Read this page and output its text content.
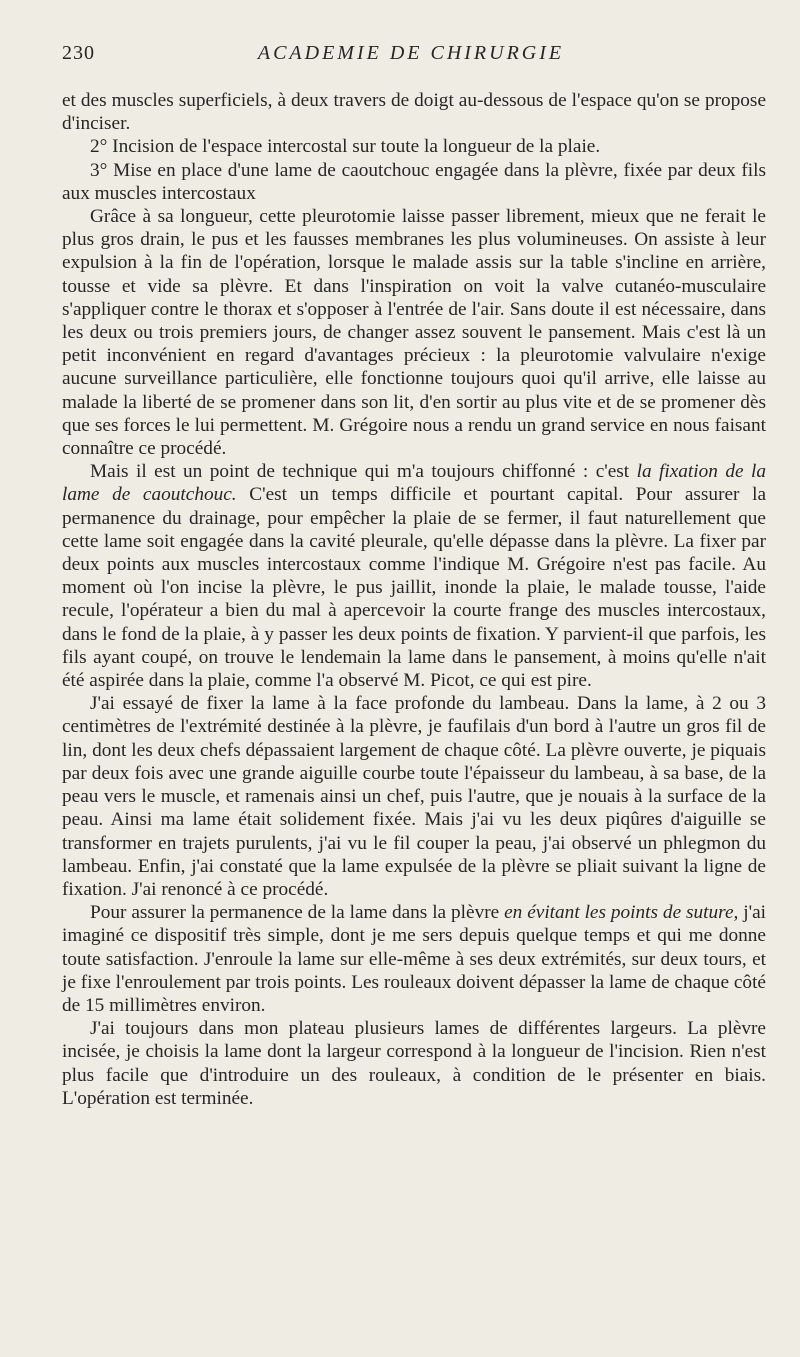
230	ACADEMIE DE CHIRURGIE

et des muscles superficiels, à deux travers de doigt au-dessous de l'espace qu'on se propose d'inciser.

2° Incision de l'espace intercostal sur toute la longueur de la plaie.

3° Mise en place d'une lame de caoutchouc engagée dans la plèvre, fixée par deux fils aux muscles intercostaux

Grâce à sa longueur, cette pleurotomie laisse passer librement, mieux que ne ferait le plus gros drain, le pus et les fausses membranes les plus volumineuses. On assiste à leur expulsion à la fin de l'opération, lorsque le malade assis sur la table s'incline en arrière, tousse et vide sa plèvre. Et dans l'inspiration on voit la valve cutanéo-musculaire s'appliquer contre le thorax et s'opposer à l'entrée de l'air. Sans doute il est nécessaire, dans les deux ou trois premiers jours, de changer assez souvent le pansement. Mais c'est là un petit inconvénient en regard d'avantages précieux : la pleurotomie valvulaire n'exige aucune surveillance particulière, elle fonctionne toujours quoi qu'il arrive, elle laisse au malade la liberté de se promener dans son lit, d'en sortir au plus vite et de se promener dès que ses forces le lui permettent. M. Grégoire nous a rendu un grand service en nous faisant connaître ce procédé.

Mais il est un point de technique qui m'a toujours chiffonné : c'est la fixation de la lame de caoutchouc. C'est un temps difficile et pourtant capital. Pour assurer la permanence du drainage, pour empêcher la plaie de se fermer, il faut naturellement que cette lame soit engagée dans la cavité pleurale, qu'elle dépasse dans la plèvre. La fixer par deux points aux muscles intercostaux comme l'indique M. Grégoire n'est pas facile. Au moment où l'on incise la plèvre, le pus jaillit, inonde la plaie, le malade tousse, l'aide recule, l'opérateur a bien du mal à apercevoir la courte frange des muscles intercostaux, dans le fond de la plaie, à y passer les deux points de fixation. Y parvient-il que parfois, les fils ayant coupé, on trouve le lendemain la lame dans le pansement, à moins qu'elle n'ait été aspirée dans la plaie, comme l'a observé M. Picot, ce qui est pire.

J'ai essayé de fixer la lame à la face profonde du lambeau. Dans la lame, à 2 ou 3 centimètres de l'extrémité destinée à la plèvre, je faufilais d'un bord à l'autre un gros fil de lin, dont les deux chefs dépassaient largement de chaque côté. La plèvre ouverte, je piquais par deux fois avec une grande aiguille courbe toute l'épaisseur du lambeau, à sa base, de la peau vers le muscle, et ramenais ainsi un chef, puis l'autre, que je nouais à la surface de la peau. Ainsi ma lame était solidement fixée. Mais j'ai vu les deux piqûres d'aiguille se transformer en trajets purulents, j'ai vu le fil couper la peau, j'ai observé un phlegmon du lambeau. Enfin, j'ai constaté que la lame expulsée de la plèvre se pliait suivant la ligne de fixation. J'ai renoncé à ce procédé.

Pour assurer la permanence de la lame dans la plèvre en évitant les points de suture, j'ai imaginé ce dispositif très simple, dont je me sers depuis quelque temps et qui me donne toute satisfaction. J'enroule la lame sur elle-même à ses deux extrémités, sur deux tours, et je fixe l'enroulement par trois points. Les rouleaux doivent dépasser la lame de chaque côté de 15 millimètres environ.

J'ai toujours dans mon plateau plusieurs lames de différentes largeurs. La plèvre incisée, je choisis la lame dont la largeur correspond à la longueur de l'incision. Rien n'est plus facile que d'introduire un des rouleaux, à condition de le présenter en biais. L'opération est terminée.
